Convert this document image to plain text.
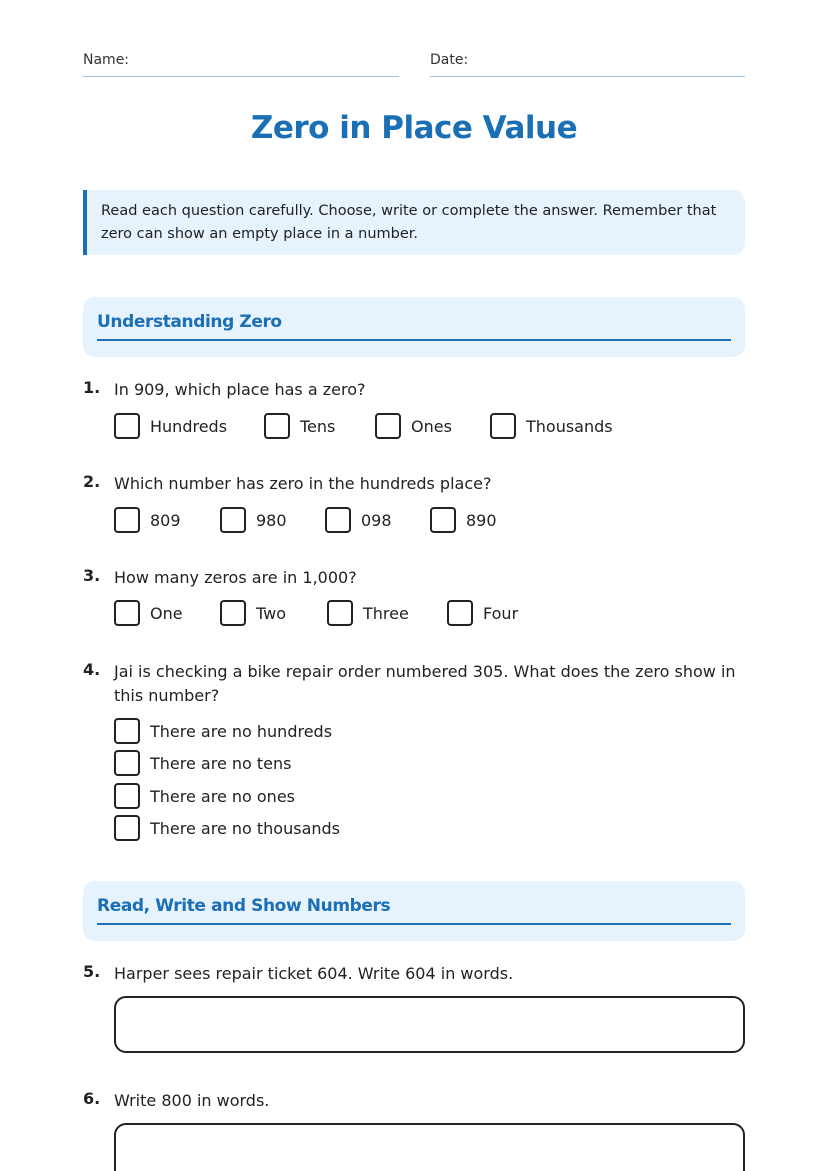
Name:	Date:
Zero in Place Value
Read each question carefully. Choose, write or complete the answer. Remember that zero can show an empty place in a number.
Understanding Zero
1. In 909, which place has a zero?
Hundreds	Tens	Ones	Thousands
2. Which number has zero in the hundreds place?
809	980	098	890
3. How many zeros are in 1,000?
One	Two	Three	Four
4. Jai is checking a bike repair order numbered 305. What does the zero show in this number?
There are no hundreds
There are no tens
There are no ones
There are no thousands
Read, Write and Show Numbers
5. Harper sees repair ticket 604. Write 604 in words.
6. Write 800 in words.
